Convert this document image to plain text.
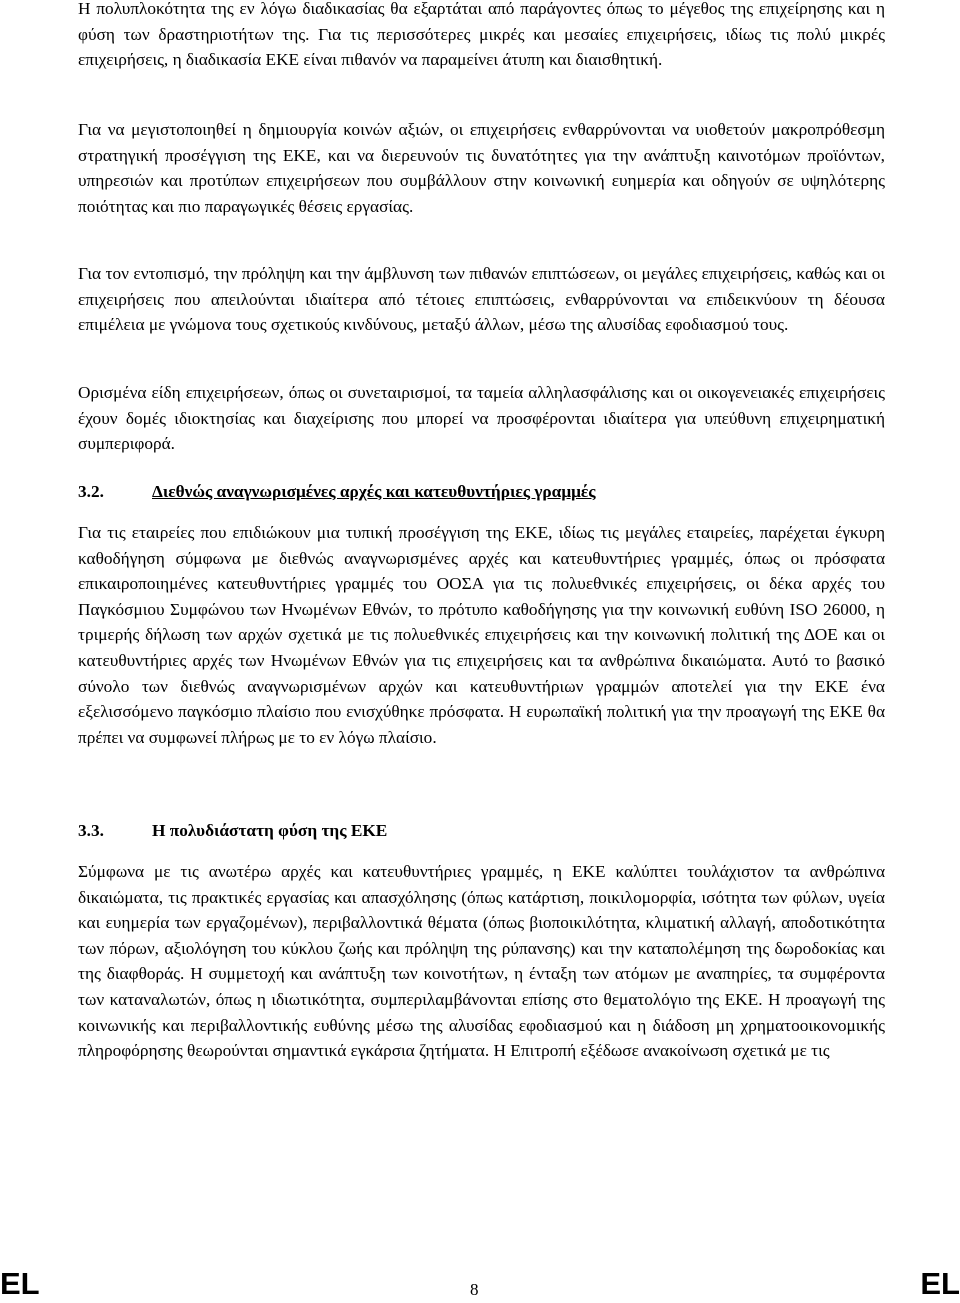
Η πολυπλοκότητα της εν λόγω διαδικασίας θα εξαρτάται από παράγοντες όπως το μέγεθος της επιχείρησης και η φύση των δραστηριοτήτων της. Για τις περισσότερες μικρές και μεσαίες επιχειρήσεις, ιδίως τις πολύ μικρές επιχειρήσεις, η διαδικασία ΕΚΕ είναι πιθανόν να παραμείνει άτυπη και διαισθητική.

Για να μεγιστοποιηθεί η δημιουργία κοινών αξιών, οι επιχειρήσεις ενθαρρύνονται να υιοθετούν μακροπρόθεσμη στρατηγική προσέγγιση της ΕΚΕ, και να διερευνούν τις δυνατότητες για την ανάπτυξη καινοτόμων προϊόντων, υπηρεσιών και προτύπων επιχειρήσεων που συμβάλλουν στην κοινωνική ευημερία και οδηγούν σε υψηλότερης ποιότητας και πιο παραγωγικές θέσεις εργασίας.

Για τον εντοπισμό, την πρόληψη και την άμβλυνση των πιθανών επιπτώσεων, οι μεγάλες επιχειρήσεις, καθώς και οι επιχειρήσεις που απειλούνται ιδιαίτερα από τέτοιες επιπτώσεις, ενθαρρύνονται να επιδεικνύουν τη δέουσα επιμέλεια με γνώμονα τους σχετικούς κινδύνους, μεταξύ άλλων, μέσω της αλυσίδας εφοδιασμού τους.

Ορισμένα είδη επιχειρήσεων, όπως οι συνεταιρισμοί, τα ταμεία αλληλασφάλισης και οι οικογενειακές επιχειρήσεις έχουν δομές ιδιοκτησίας και διαχείρισης που μπορεί να προσφέρονται ιδιαίτερα για υπεύθυνη επιχειρηματική συμπεριφορά.

3.2.	Διεθνώς αναγνωρισμένες αρχές και κατευθυντήριες γραμμές

Για τις εταιρείες που επιδιώκουν μια τυπική προσέγγιση της ΕΚΕ, ιδίως τις μεγάλες εταιρείες, παρέχεται έγκυρη καθοδήγηση σύμφωνα με διεθνώς αναγνωρισμένες αρχές και κατευθυντήριες γραμμές, όπως οι πρόσφατα επικαιροποιημένες κατευθυντήριες γραμμές του ΟΟΣΑ για τις πολυεθνικές επιχειρήσεις, οι δέκα αρχές του Παγκόσμιου Συμφώνου των Ηνωμένων Εθνών, το πρότυπο καθοδήγησης για την κοινωνική ευθύνη ISO 26000, η τριμερής δήλωση των αρχών σχετικά με τις πολυεθνικές επιχειρήσεις και την κοινωνική πολιτική της ΔΟΕ και οι κατευθυντήριες αρχές των Ηνωμένων Εθνών για τις επιχειρήσεις και τα ανθρώπινα δικαιώματα. Αυτό το βασικό σύνολο των διεθνώς αναγνωρισμένων αρχών και κατευθυντήριων γραμμών αποτελεί για την ΕΚΕ ένα εξελισσόμενο παγκόσμιο πλαίσιο που ενισχύθηκε πρόσφατα. Η ευρωπαϊκή πολιτική για την προαγωγή της ΕΚΕ θα πρέπει να συμφωνεί πλήρως με το εν λόγω πλαίσιο.

3.3.	Η πολυδιάστατη φύση της ΕΚΕ

Σύμφωνα με τις ανωτέρω αρχές και κατευθυντήριες γραμμές, η ΕΚΕ καλύπτει τουλάχιστον τα ανθρώπινα δικαιώματα, τις πρακτικές εργασίας και απασχόλησης (όπως κατάρτιση, ποικιλομορφία, ισότητα των φύλων, υγεία και ευημερία των εργαζομένων), περιβαλλοντικά θέματα (όπως βιοποικιλότητα, κλιματική αλλαγή, αποδοτικότητα των πόρων, αξιολόγηση του κύκλου ζωής και πρόληψη της ρύπανσης) και την καταπολέμηση της δωροδοκίας και της διαφθοράς. Η συμμετοχή και ανάπτυξη των κοινοτήτων, η ένταξη των ατόμων με αναπηρίες, τα συμφέροντα των καταναλωτών, όπως η ιδιωτικότητα, συμπεριλαμβάνονται επίσης στο θεματολόγιο της ΕΚΕ. Η προαγωγή της κοινωνικής και περιβαλλοντικής ευθύνης μέσω της αλυσίδας εφοδιασμού και η διάδοση μη χρηματοοικονομικής πληροφόρησης θεωρούνται σημαντικά εγκάρσια ζητήματα. Η Επιτροπή εξέδωσε ανακοίνωση σχετικά με τις

EL	8	EL
